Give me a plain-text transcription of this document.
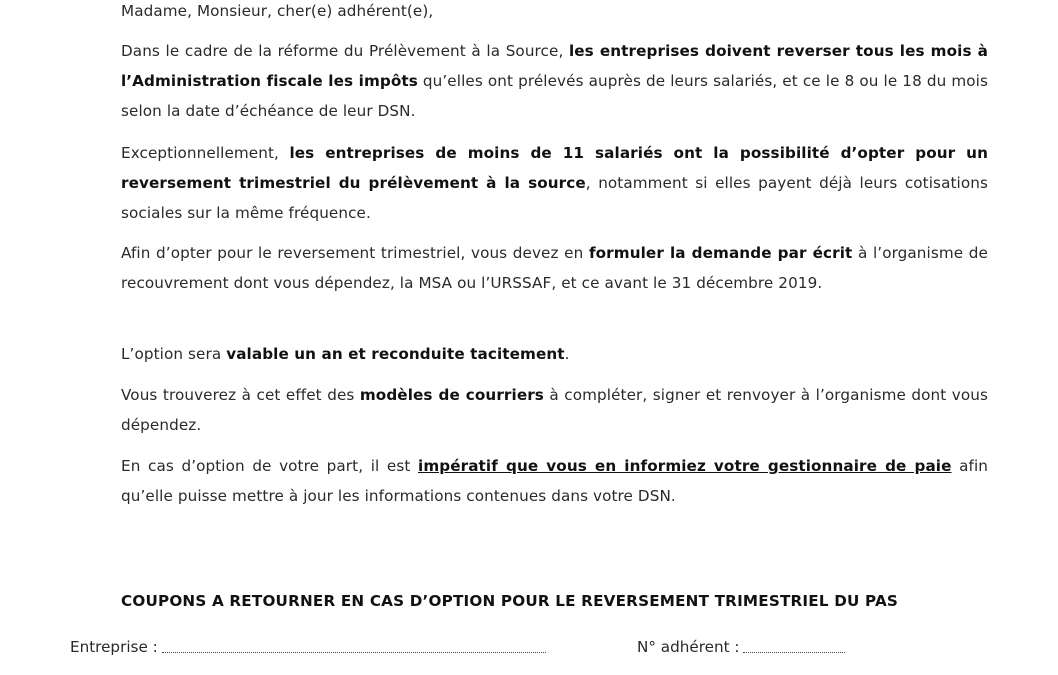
Madame, Monsieur, cher(e) adhérent(e),

Dans le cadre de la réforme du Prélèvement à la Source, les entreprises doivent reverser tous les mois à l’Administration fiscale les impôts qu’elles ont prélevés auprès de leurs salariés, et ce le 8 ou le 18 du mois selon la date d’échéance de leur DSN.

Exceptionnellement, les entreprises de moins de 11 salariés ont la possibilité d’opter pour un reversement trimestriel du prélèvement à la source, notamment si elles payent déjà leurs cotisations sociales sur la même fréquence.

Afin d’opter pour le reversement trimestriel, vous devez en formuler la demande par écrit à l’organisme de recouvrement dont vous dépendez, la MSA ou l’URSSAF, et ce avant le 31 décembre 2019.

L’option sera valable un an et reconduite tacitement.

Vous trouverez à cet effet des modèles de courriers à compléter, signer et renvoyer à l’organisme dont vous dépendez.

En cas d’option de votre part, il est impératif que vous en informiez votre gestionnaire de paie afin qu’elle puisse mettre à jour les informations contenues dans votre DSN.

COUPONS A RETOURNER EN CAS D’OPTION POUR LE REVERSEMENT TRIMESTRIEL DU PAS

Entreprise :	N° adhérent :
